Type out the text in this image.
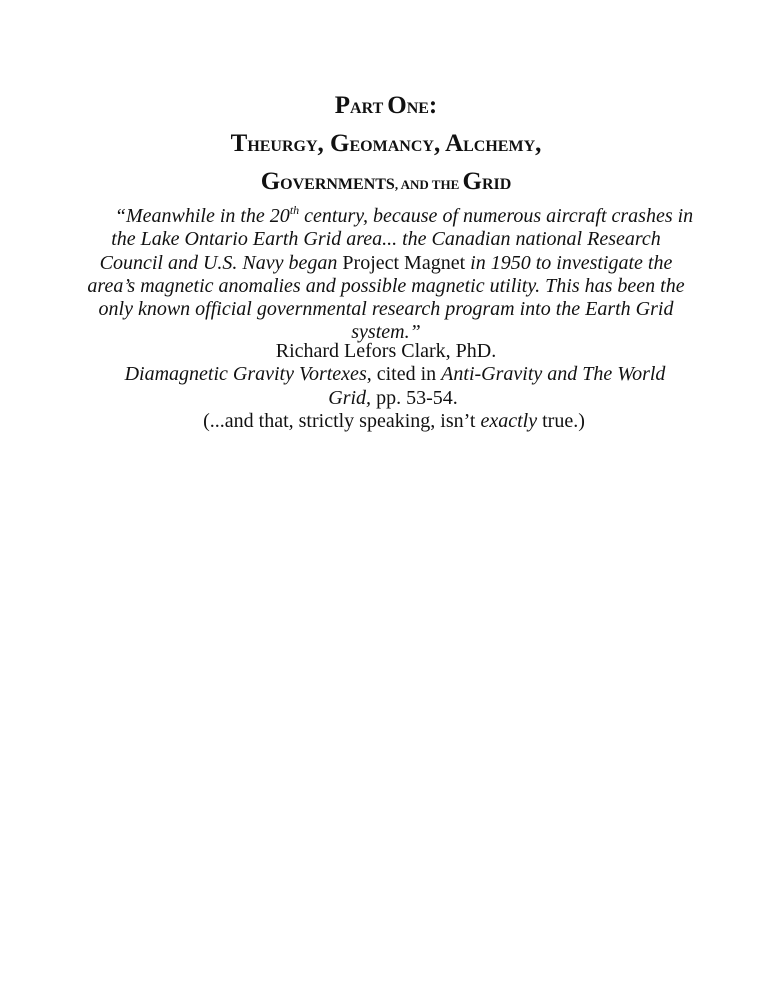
PART ONE:
THEURGY, GEOMANCY, ALCHEMY,
GOVERNMENTS, AND THE GRID
“Meanwhile in the 20th century, because of numerous aircraft crashes in
the Lake Ontario Earth Grid area... the Canadian national Research
Council and U.S. Navy began Project Magnet in 1950 to investigate the
area’s magnetic anomalies and possible magnetic utility. This has been the
only known official governmental research program into the Earth Grid
system.”
Richard Lefors Clark, PhD.
Diamagnetic Gravity Vortexes, cited in Anti-Gravity and The World
Grid, pp. 53-54.
(...and that, strictly speaking, isn’t exactly true.)
